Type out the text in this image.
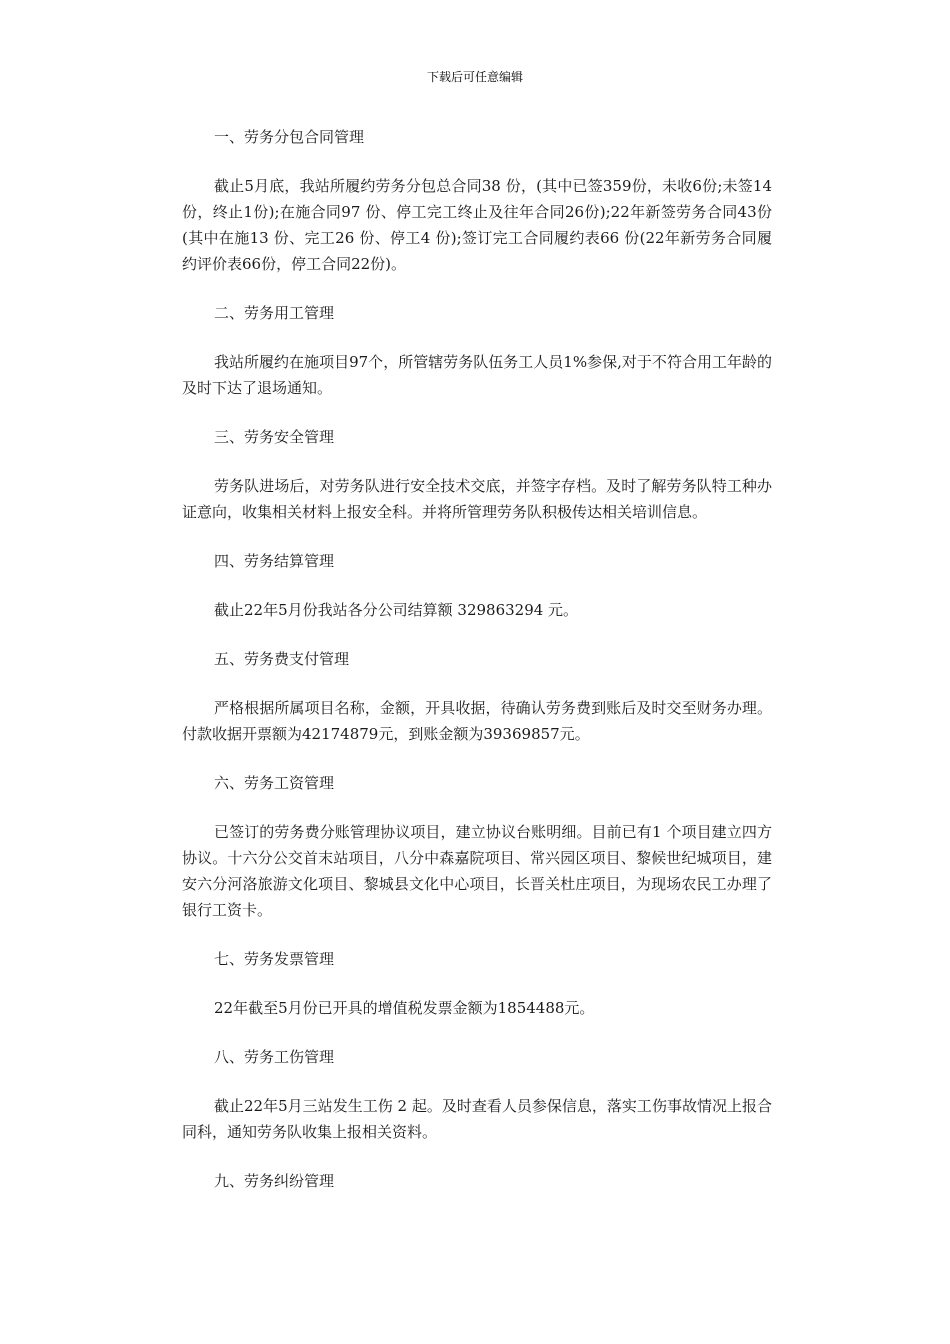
下载后可任意编辑
一、劳务分包合同管理
截止5月底，我站所履约劳务分包总合同38 份，(其中已签359份，未收6份;未签14份，终止1份);在施合同97 份、停工完工终止及往年合同26份);22年新签劳务合同43份(其中在施13 份、完工26 份、停工4 份);签订完工合同履约表66 份(22年新劳务合同履约评价表66份，停工合同22份)。
二、劳务用工管理
我站所履约在施项目97个，所管辖劳务队伍务工人员1%参保,对于不符合用工年龄的及时下达了退场通知。
三、劳务安全管理
劳务队进场后，对劳务队进行安全技术交底，并签字存档。及时了解劳务队特工种办证意向，收集相关材料上报安全科。并将所管理劳务队积极传达相关培训信息。
四、劳务结算管理
截止22年5月份我站各分公司结算额 329863294 元。
五、劳务费支付管理
严格根据所属项目名称，金额，开具收据，待确认劳务费到账后及时交至财务办理。付款收据开票额为42174879元，到账金额为39369857元。
六、劳务工资管理
已签订的劳务费分账管理协议项目，建立协议台账明细。目前已有1 个项目建立四方协议。十六分公交首末站项目，八分中森嘉院项目、常兴园区项目、黎候世纪城项目，建安六分河洛旅游文化项目、黎城县文化中心项目，长晋关杜庄项目，为现场农民工办理了银行工资卡。
七、劳务发票管理
22年截至5月份已开具的增值税发票金额为1854488元。
八、劳务工伤管理
截止22年5月三站发生工伤 2 起。及时查看人员参保信息，落实工伤事故情况上报合同科，通知劳务队收集上报相关资料。
九、劳务纠纷管理
